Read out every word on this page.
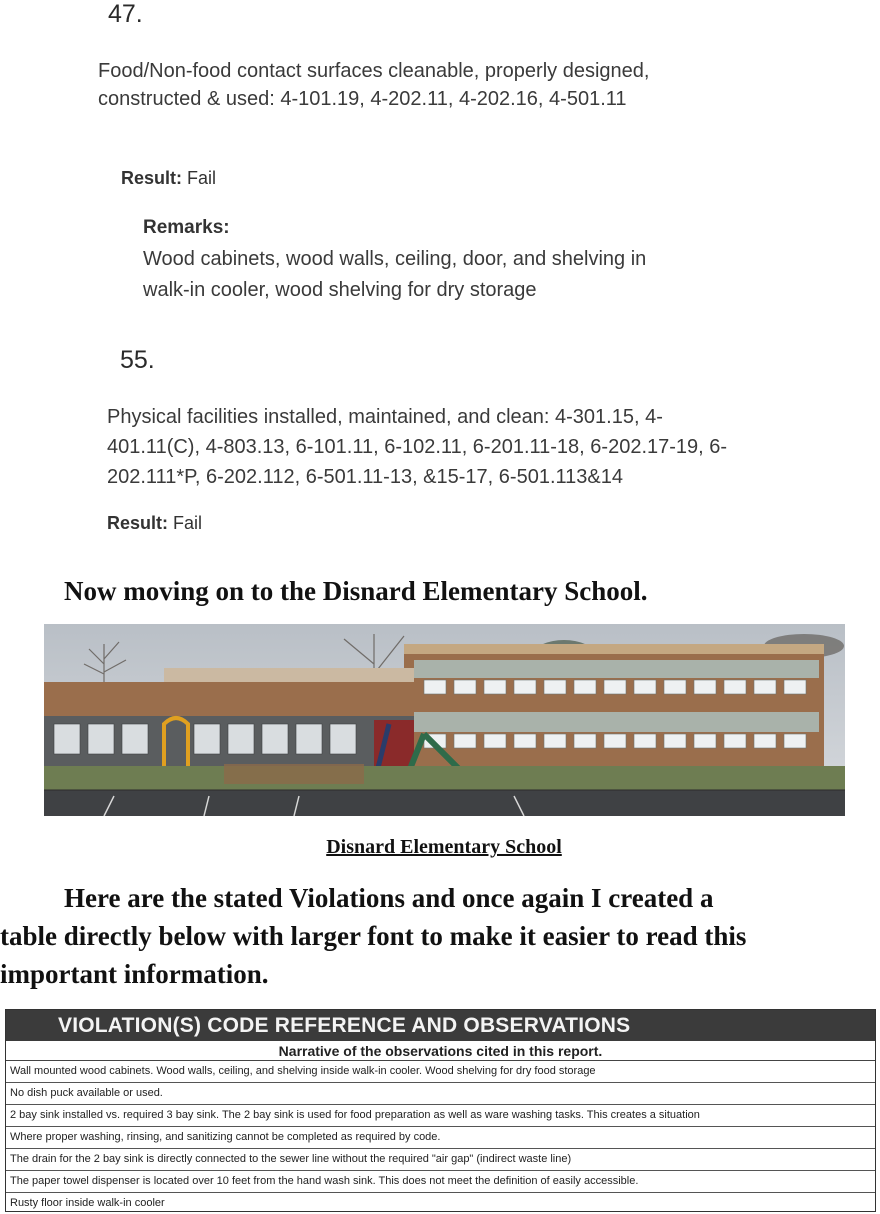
47.
Food/Non-food contact surfaces cleanable, properly designed,
constructed & used: 4-101.19, 4-202.11, 4-202.16, 4-501.11
Result: Fail
Remarks:
Wood cabinets, wood walls, ceiling, door, and shelving in
walk-in cooler, wood shelving for dry storage
55.
Physical facilities installed, maintained, and clean: 4-301.15, 4-
401.11(C), 4-803.13, 6-101.11, 6-102.11, 6-201.11-18, 6-202.17-19, 6-
202.111*P, 6-202.112, 6-501.11-13, &15-17, 6-501.113&14
Result: Fail
Now moving on to the Disnard Elementary School.
Disnard Elementary School
Here are the stated Violations and once again I created a
table directly below with larger font to make it easier to read this
important information.
VIOLATION(S) CODE REFERENCE AND OBSERVATIONS
Narrative of the observations cited in this report.
Wall mounted wood cabinets. Wood walls, ceiling, and shelving inside walk-in cooler. Wood shelving for dry food storage
No dish puck available or used.
2 bay sink installed vs. required 3 bay sink. The 2 bay sink is used for food preparation as well as ware washing tasks. This creates a situation
Where proper washing, rinsing, and sanitizing cannot be completed as required by code.
The drain for the 2 bay sink is directly connected to the sewer line without the required "air gap" (indirect waste line)
The paper towel dispenser is located over 10 feet from the hand wash sink. This does not meet the definition of easily accessible.
Rusty floor inside walk-in cooler
